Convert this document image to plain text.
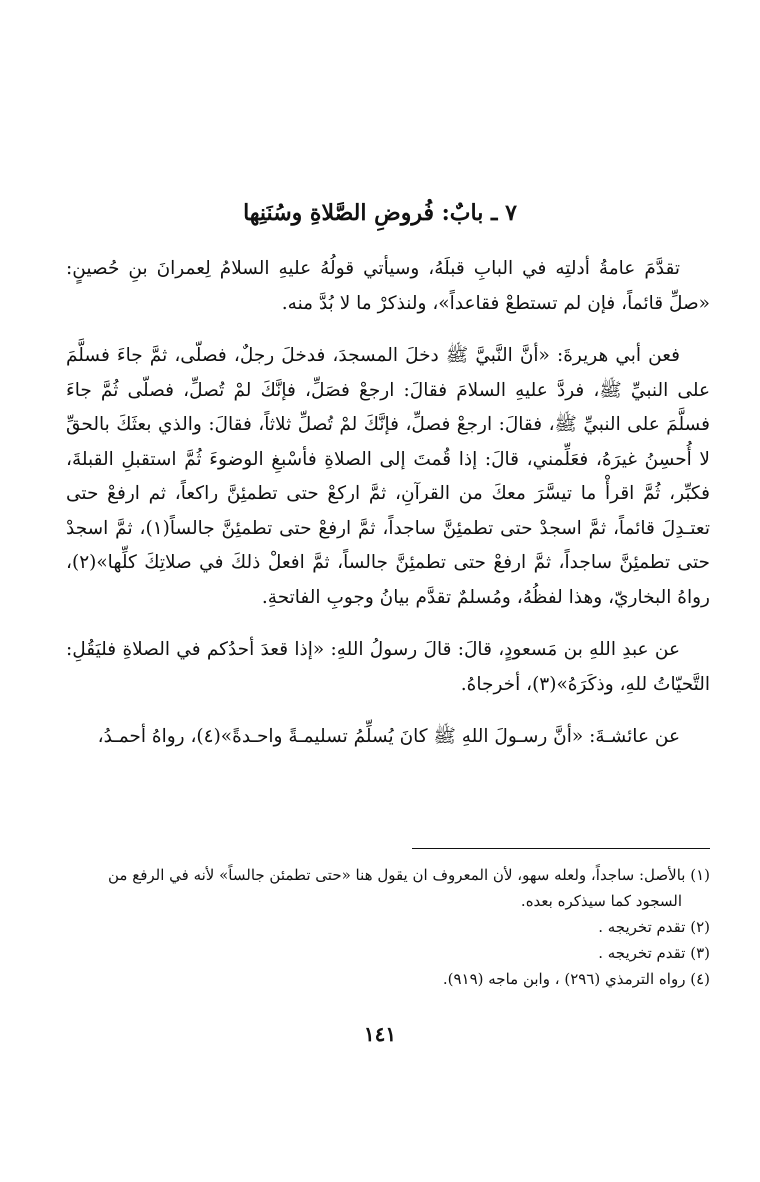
٧ ـ بابٌ: فُروضِ الصَّلاةِ وسُنَنِها

تقدَّمَ عامةُ أدلتِه في البابِ قبلَهُ، وسيأتي قولُهُ عليهِ السلامُ لِعمرانَ بنِ حُصينٍ: «صلِّ قائماً، فإن لم تستطعْ فقاعداً»، ولنذكرْ ما لا بُدَّ منه.

فعن أبي هريرةَ: «أنَّ النَّبيَّ ﷺ دخلَ المسجدَ، فدخلَ رجلٌ، فصلّى، ثمَّ جاءَ فسلَّمَ على النبيِّ ﷺ، فردَّ عليهِ السلامَ فقالَ: ارجعْ فصَلِّ، فإنَّكَ لمْ تُصلِّ، فصلّى ثُمَّ جاءَ فسلَّمَ على النبيِّ ﷺ، فقالَ: ارجعْ فصلِّ، فإنَّكَ لمْ تُصلِّ ثلاثاً، فقالَ: والذي بعثَكَ بالحقِّ لا أُحسِنُ غيرَهُ، فعَلِّمني، قالَ: إذا قُمتَ إلى الصلاةِ فأسْبغِ الوضوءَ ثُمَّ استقبلِ القبلةَ، فكبِّر، ثُمَّ اقرأْ ما تيسَّرَ معكَ من القرآنِ، ثمَّ اركعْ حتى تطمئِنَّ راكعاً، ثم ارفعْ حتى تعتـدِلَ قائماً، ثمَّ اسجدْ حتى تطمئِنَّ ساجداً، ثمَّ ارفعْ حتى تطمئِنَّ جالساً(١)، ثمَّ اسجدْ حتى تطمئِنَّ ساجداً، ثمَّ ارفعْ حتى تطمئِنَّ جالساً، ثمَّ افعلْ ذلكَ في صلاتِكَ كلِّها»(٢)، رواهُ البخاريّ، وهذا لفظُهُ، ومُسلمٌ تقدَّم بيانُ وجوبِ الفاتحةِ.

عن عبدِ اللهِ بن مَسعودٍ، قالَ: قالَ رسولُ اللهِ: «إذا قعدَ أحدُكم في الصلاةِ فليَقُلِ: التَّحيّاتُ للهِ، وذكَرَهُ»(٣)، أخرجاهُ.

عن عائشـةَ: «أنَّ رسـولَ اللهِ ﷺ كانَ يُسلِّمُ تسليمـةً واحـدةً»(٤)، رواهُ أحمـدُ،

(١) بالأصل: ساجداً، ولعله سهو، لأن المعروف ان يقول هنا «حتى تطمئن جالساً» لأنه في الرفع من السجود كما سيذكره بعده.

(٢) تقدم تخريجه .

(٣) تقدم تخريجه .

(٤) رواه الترمذي (٢٩٦) ، وابن ماجه (٩١٩).

١٤١
